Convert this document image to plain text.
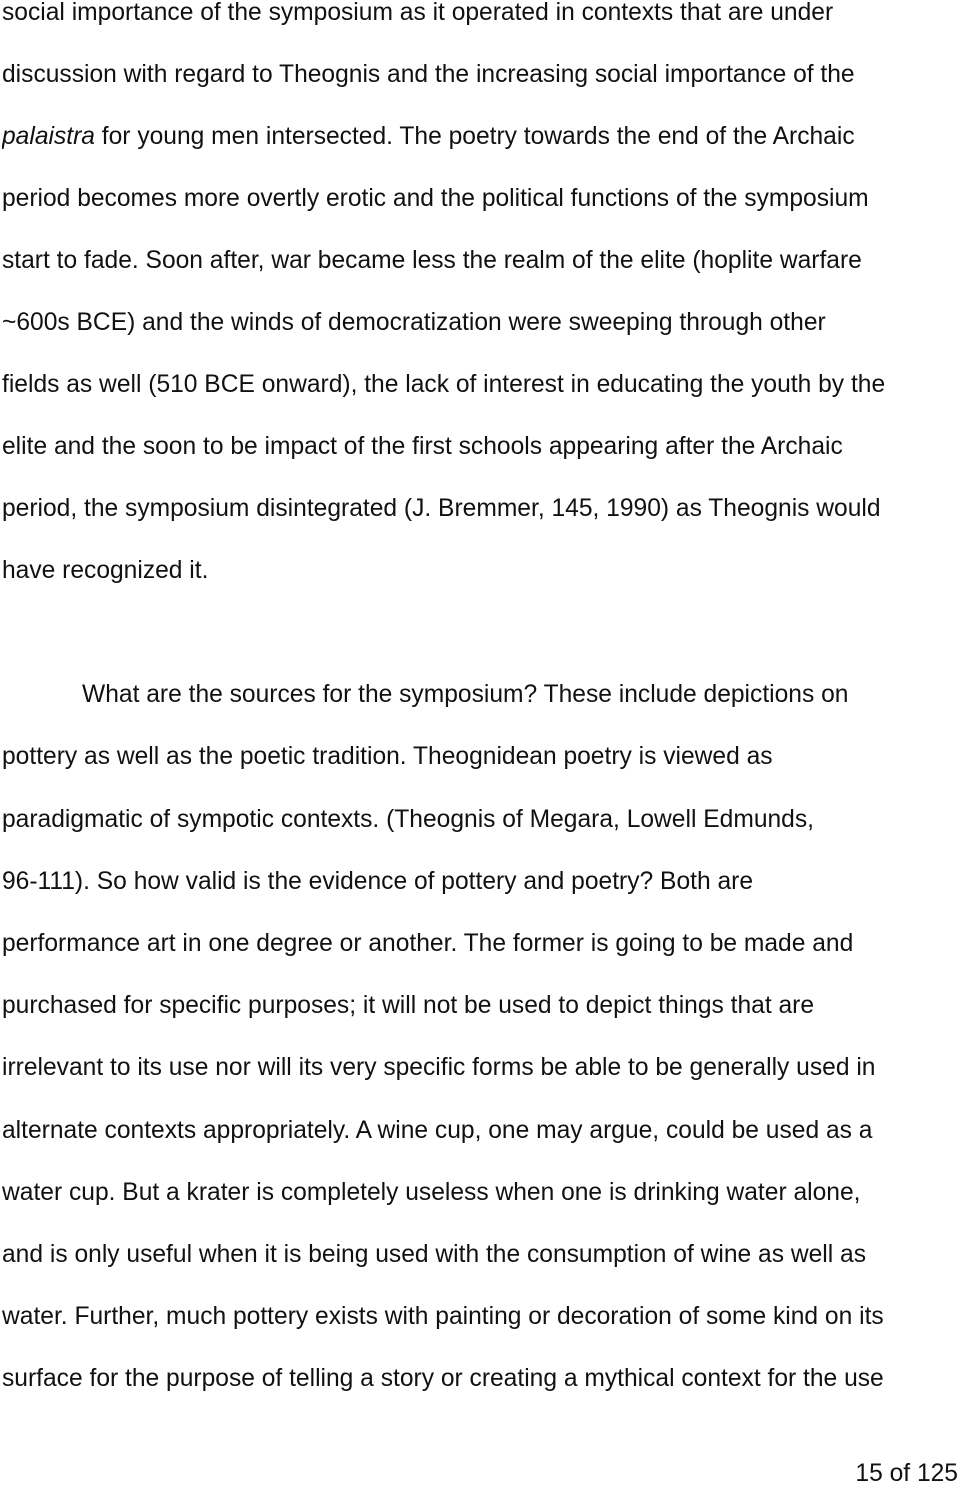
social importance of the symposium as it operated in contexts that are under
discussion with regard to Theognis and the increasing social importance of the
palaistra for young men intersected. The poetry towards the end of the Archaic
period becomes more overtly erotic and the political functions of the symposium
start to fade. Soon after, war became less the realm of the elite (hoplite warfare
~600s BCE) and the winds of democratization were sweeping through other
fields as well (510 BCE onward), the lack of interest in educating the youth by the
elite and the soon to be impact of the first schools appearing after the Archaic
period, the symposium disintegrated (J. Bremmer, 145, 1990) as Theognis would
have recognized it.
What are the sources for the symposium? These include depictions on
pottery as well as the poetic tradition. Theognidean poetry is viewed as
paradigmatic of sympotic contexts. (Theognis of Megara, Lowell Edmunds,
96-111). So how valid is the evidence of pottery and poetry? Both are
performance art in one degree or another. The former is going to be made and
purchased for specific purposes; it will not be used to depict things that are
irrelevant to its use nor will its very specific forms be able to be generally used in
alternate contexts appropriately. A wine cup, one may argue, could be used as a
water cup. But a krater is completely useless when one is drinking water alone,
and is only useful when it is being used with the consumption of wine as well as
water. Further, much pottery exists with painting or decoration of some kind on its
surface for the purpose of telling a story or creating a mythical context for the use
15 of 125
